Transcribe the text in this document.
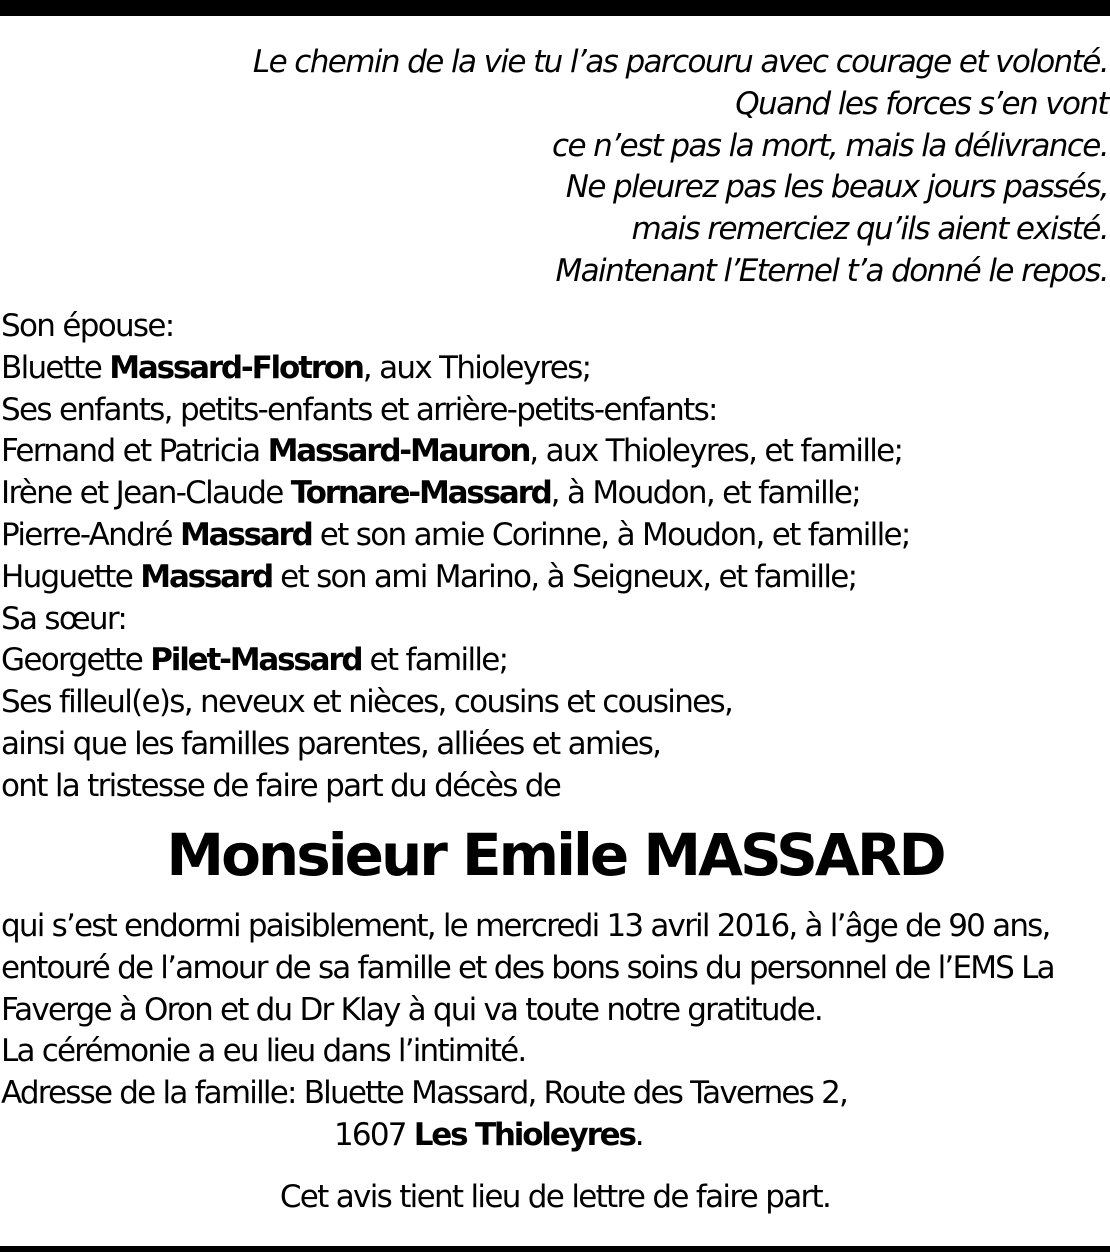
Le chemin de la vie tu l’as parcouru avec courage et volonté.
Quand les forces s’en vont
ce n’est pas la mort, mais la délivrance.
Ne pleurez pas les beaux jours passés,
mais remerciez qu’ils aient existé.
Maintenant l’Eternel t’a donné le repos.
Son épouse:
Bluette Massard-Flotron, aux Thioleyres;
Ses enfants, petits-enfants et arrière-petits-enfants:
Fernand et Patricia Massard-Mauron, aux Thioleyres, et famille;
Irène et Jean-Claude Tornare-Massard, à Moudon, et famille;
Pierre-André Massard et son amie Corinne, à Moudon, et famille;
Huguette Massard et son ami Marino, à Seigneux, et famille;
Sa sœur:
Georgette Pilet-Massard et famille;
Ses filleul(e)s, neveux et nièces, cousins et cousines,
ainsi que les familles parentes, alliées et amies,
ont la tristesse de faire part du décès de
Monsieur Emile MASSARD
qui s’est endormi paisiblement, le mercredi 13 avril 2016, à l’âge de 90 ans,
entouré de l’amour de sa famille et des bons soins du personnel de l’EMS La
Faverge à Oron et du Dr Klay à qui va toute notre gratitude.
La cérémonie a eu lieu dans l’intimité.
Adresse de la famille: Bluette Massard, Route des Tavernes 2,
1607 Les Thioleyres.
Cet avis tient lieu de lettre de faire part.
